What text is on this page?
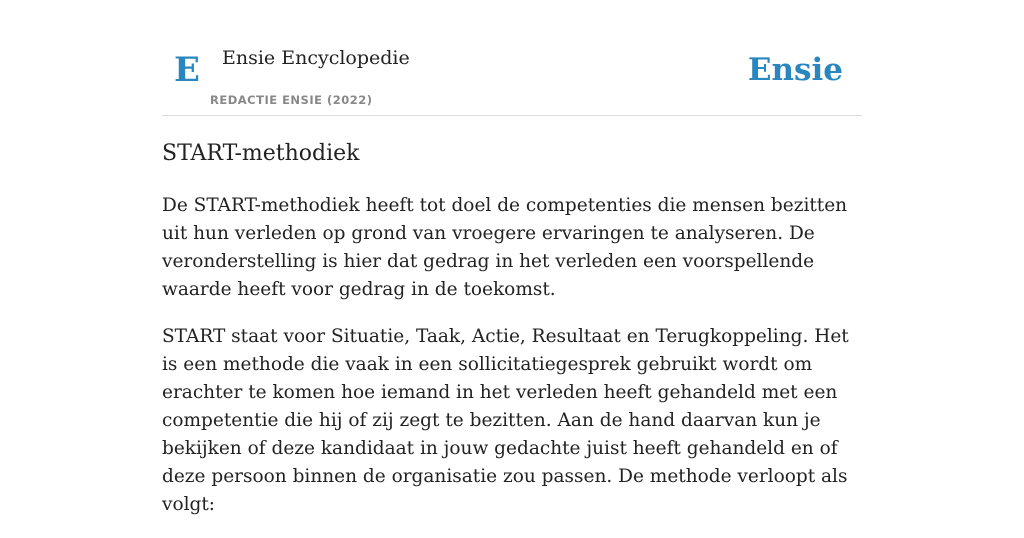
E Ensie Encyclopedie
REDACTIE ENSIE (2022)
Ensie
START-methodiek

De START-methodiek heeft tot doel de competenties die mensen bezitten uit hun verleden op grond van vroegere ervaringen te analyseren. De veronderstelling is hier dat gedrag in het verleden een voorspellende waarde heeft voor gedrag in de toekomst.

START staat voor Situatie, Taak, Actie, Resultaat en Terugkoppeling. Het is een methode die vaak in een sollicitatiegesprek gebruikt wordt om erachter te komen hoe iemand in het verleden heeft gehandeld met een competentie die hij of zij zegt te bezitten. Aan de hand daarvan kun je bekijken of deze kandidaat in jouw gedachte juist heeft gehandeld en of deze persoon binnen de organisatie zou passen. De methode verloopt als volgt:
